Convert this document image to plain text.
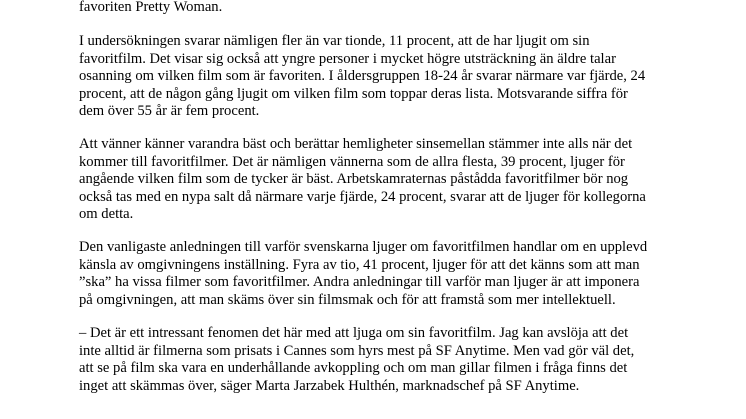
favoriten Pretty Woman.
I undersökningen svarar nämligen fler än var tionde, 11 procent, att de har ljugit om sin
favoritfilm. Det visar sig också att yngre personer i mycket högre utsträckning än äldre talar
osanning om vilken film som är favoriten. I åldersgruppen 18-24 år svarar närmare var fjärde, 24
procent, att de någon gång ljugit om vilken film som toppar deras lista. Motsvarande siffra för
dem över 55 år är fem procent.
Att vänner känner varandra bäst och berättar hemligheter sinsemellan stämmer inte alls när det
kommer till favoritfilmer. Det är nämligen vännerna som de allra flesta, 39 procent, ljuger för
angående vilken film som de tycker är bäst. Arbetskamraternas påstådda favoritfilmer bör nog
också tas med en nypa salt då närmare varje fjärde, 24 procent, svarar att de ljuger för kollegorna
om detta.
Den vanligaste anledningen till varför svenskarna ljuger om favoritfilmen handlar om en upplevd
känsla av omgivningens inställning. Fyra av tio, 41 procent, ljuger för att det känns som att man
”ska” ha vissa filmer som favoritfilmer. Andra anledningar till varför man ljuger är att imponera
på omgivningen, att man skäms över sin filmsmak och för att framstå som mer intellektuell.
– Det är ett intressant fenomen det här med att ljuga om sin favoritfilm. Jag kan avslöja att det
inte alltid är filmerna som prisats i Cannes som hyrs mest på SF Anytime. Men vad gör väl det,
att se på film ska vara en underhållande avkoppling och om man gillar filmen i fråga finns det
inget att skämmas över, säger Marta Jarzabek Hulthén, marknadschef på SF Anytime.
